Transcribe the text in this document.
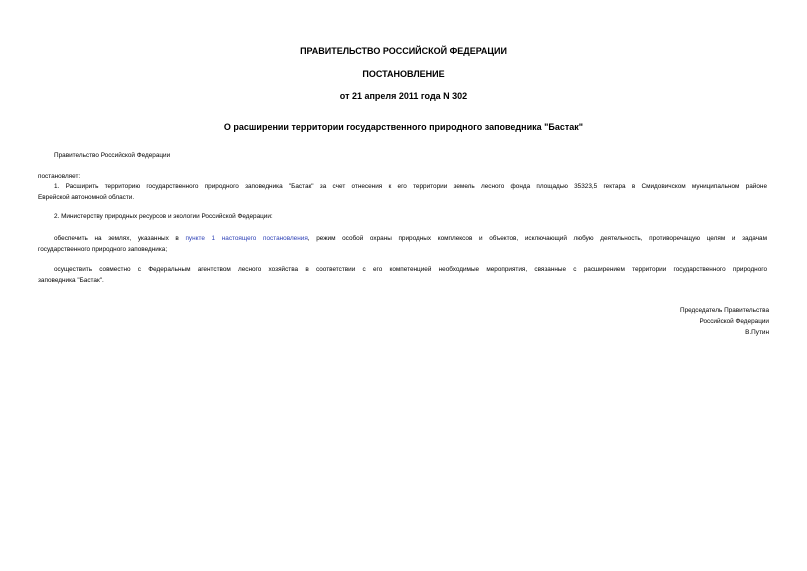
ПРАВИТЕЛЬСТВО РОССИЙСКОЙ ФЕДЕРАЦИИ
ПОСТАНОВЛЕНИЕ
от 21 апреля 2011 года N 302
О расширении территории государственного природного заповедника "Бастак"
Правительство Российской Федерации
постановляет:
1. Расширить территорию государственного природного заповедника "Бастак" за счет отнесения к его территории земель лесного фонда площадью 35323,5 гектара в Смидовичском муниципальном районе
Еврейской автономной области.
2. Министерству природных ресурсов и экологии Российской Федерации:
обеспечить на землях, указанных в пункте 1 настоящего постановления, режим особой охраны природных комплексов и объектов, исключающий любую деятельность, противоречащую целям и задачам
государственного природного заповедника;
осуществить совместно с Федеральным агентством лесного хозяйства в соответствии с его компетенцией необходимые мероприятия, связанные с расширением территории государственного природного
заповедника "Бастак".
Председатель Правительства
Российской Федерации
В.Путин
